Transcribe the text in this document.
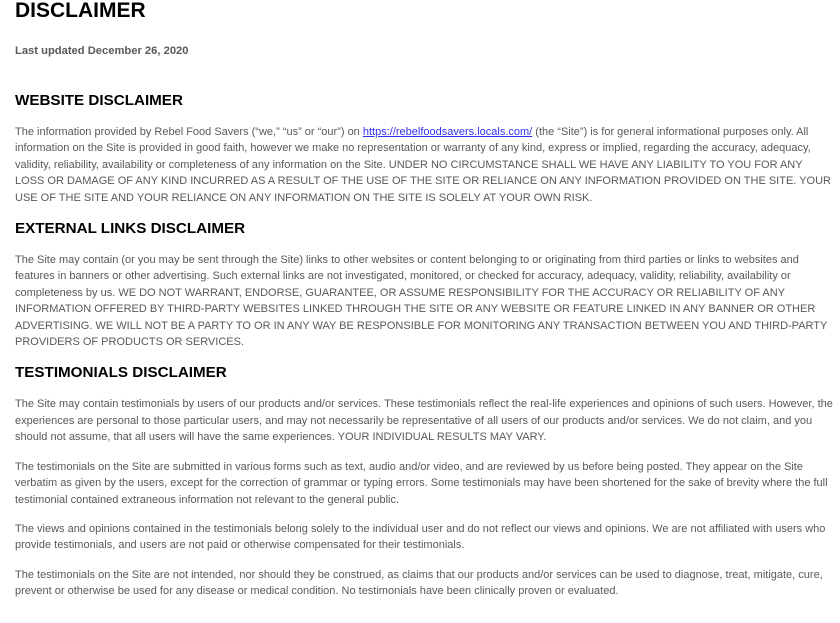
DISCLAIMER
Last updated December 26, 2020
WEBSITE DISCLAIMER

The information provided by Rebel Food Savers (“we,” “us” or “our”) on https://rebelfoodsavers.locals.com/ (the “Site”) is for general informational purposes only. All information on the Site is provided in good faith, however we make no representation or warranty of any kind, express or implied, regarding the accuracy, adequacy, validity, reliability, availability or completeness of any information on the Site. UNDER NO CIRCUMSTANCE SHALL WE HAVE ANY LIABILITY TO YOU FOR ANY LOSS OR DAMAGE OF ANY KIND INCURRED AS A RESULT OF THE USE OF THE SITE OR RELIANCE ON ANY INFORMATION PROVIDED ON THE SITE. YOUR USE OF THE SITE AND YOUR RELIANCE ON ANY INFORMATION ON THE SITE IS SOLELY AT YOUR OWN RISK.

EXTERNAL LINKS DISCLAIMER

The Site may contain (or you may be sent through the Site) links to other websites or content belonging to or originating from third parties or links to websites and features in banners or other advertising. Such external links are not investigated, monitored, or checked for accuracy, adequacy, validity, reliability, availability or completeness by us. WE DO NOT WARRANT, ENDORSE, GUARANTEE, OR ASSUME RESPONSIBILITY FOR THE ACCURACY OR RELIABILITY OF ANY INFORMATION OFFERED BY THIRD-PARTY WEBSITES LINKED THROUGH THE SITE OR ANY WEBSITE OR FEATURE LINKED IN ANY BANNER OR OTHER ADVERTISING. WE WILL NOT BE A PARTY TO OR IN ANY WAY BE RESPONSIBLE FOR MONITORING ANY TRANSACTION BETWEEN YOU AND THIRD-PARTY PROVIDERS OF PRODUCTS OR SERVICES.

TESTIMONIALS DISCLAIMER

The Site may contain testimonials by users of our products and/or services. These testimonials reflect the real-life experiences and opinions of such users. However, the experiences are personal to those particular users, and may not necessarily be representative of all users of our products and/or services. We do not claim, and you should not assume, that all users will have the same experiences. YOUR INDIVIDUAL RESULTS MAY VARY.

The testimonials on the Site are submitted in various forms such as text, audio and/or video, and are reviewed by us before being posted. They appear on the Site verbatim as given by the users, except for the correction of grammar or typing errors. Some testimonials may have been shortened for the sake of brevity where the full testimonial contained extraneous information not relevant to the general public.

The views and opinions contained in the testimonials belong solely to the individual user and do not reflect our views and opinions. We are not affiliated with users who provide testimonials, and users are not paid or otherwise compensated for their testimonials.

The testimonials on the Site are not intended, nor should they be construed, as claims that our products and/or services can be used to diagnose, treat, mitigate, cure, prevent or otherwise be used for any disease or medical condition. No testimonials have been clinically proven or evaluated.
